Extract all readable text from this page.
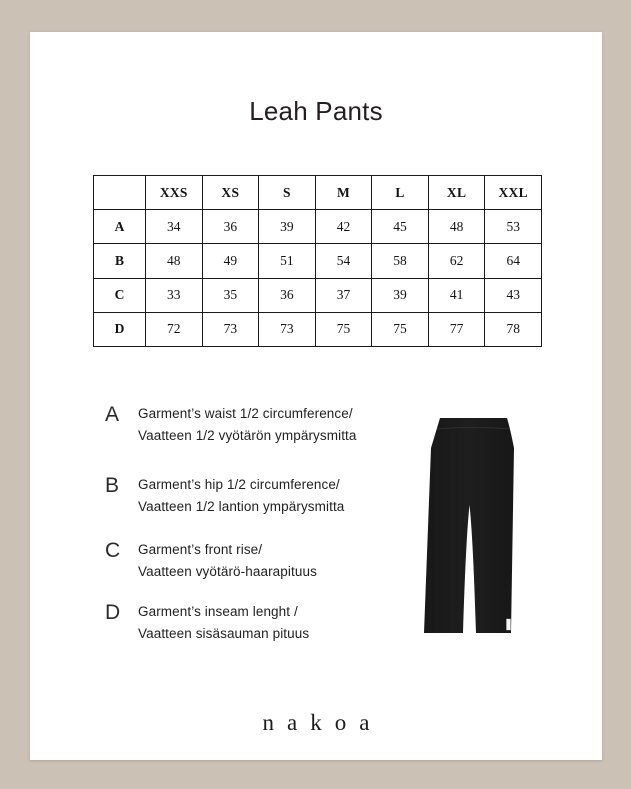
Leah Pants
	XXS	XS	S	M	L	XL	XXL
A	34	36	39	42	45	48	53
B	48	49	51	54	58	62	64
C	33	35	36	37	39	41	43
D	72	73	73	75	75	77	78
A	Garment’s waist 1/2 circumference/
Vaatteen 1/2 vyötärön ympärysmitta
B	Garment’s hip 1/2 circumference/
Vaatteen 1/2 lantion ympärysmitta
C	Garment’s front rise/
Vaatteen vyötärö-haarapituus
D	Garment’s inseam lenght /
Vaatteen sisäsauman pituus
nakoa
